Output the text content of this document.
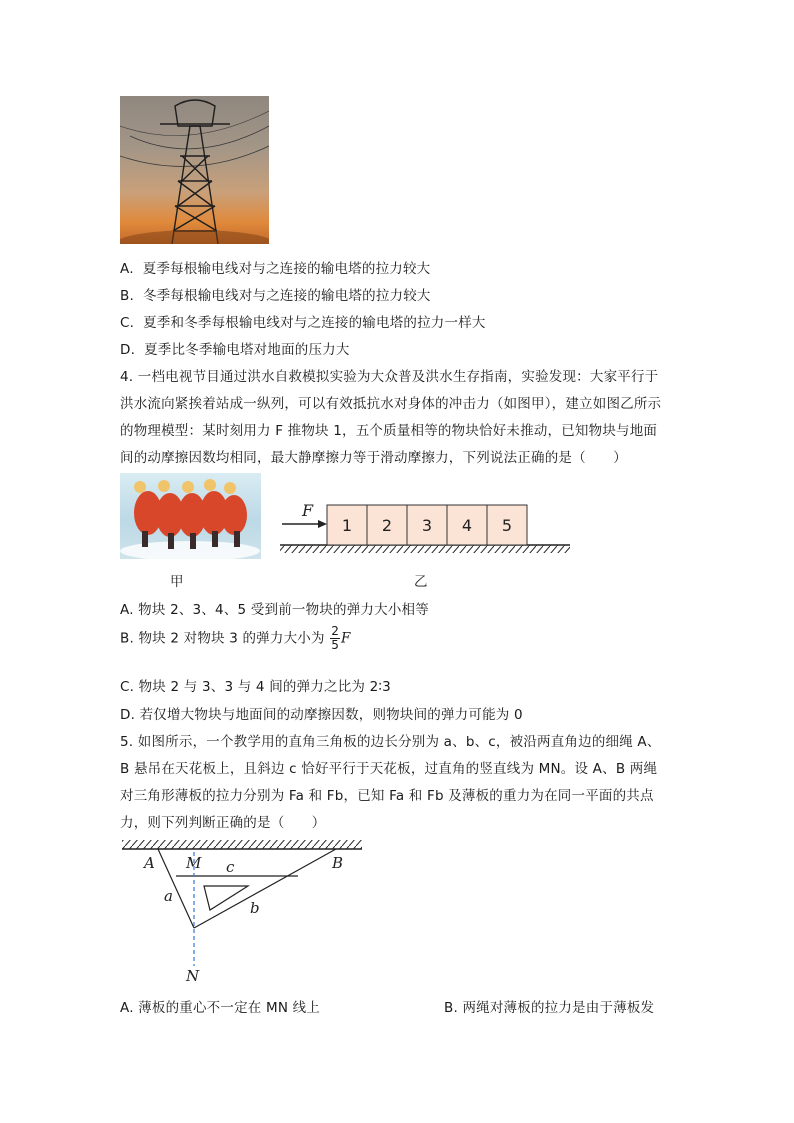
A. 夏季每根输电线对与之连接的输电塔的拉力较大
B. 冬季每根输电线对与之连接的输电塔的拉力较大
C. 夏季和冬季每根输电线对与之连接的输电塔的拉力一样大
D. 夏季比冬季输电塔对地面的压力大
4. 一档电视节目通过洪水自救模拟实验为大众普及洪水生存指南，实验发现：大家平行于
洪水流向紧挨着站成一纵列，可以有效抵抗水对身体的冲击力（如图甲），建立如图乙所示
的物理模型：某时刻用力 F 推物块 1，五个质量相等的物块恰好未推动，已知物块与地面
间的动摩擦因数均相同，最大静摩擦力等于滑动摩擦力，下列说法正确的是（　　）
甲
F
1 2 3 4 5
乙
A. 物块 2、3、4、5 受到前一物块的弹力大小相等
B. 物块 2 对物块 3 的弹力大小为 $\frac{2}{5}$ F
C. 物块 2 与 3、3 与 4 间的弹力之比为 2∶3
D. 若仅增大物块与地面间的动摩擦因数，则物块间的弹力可能为 0
5. 如图所示，一个教学用的直角三角板的边长分别为 a、b、c，被沿两直角边的细绳 A、
B 悬吊在天花板上，且斜边 c 恰好平行于天花板，过直角的竖直线为 MN。设 A、B 两绳
对三角形薄板的拉力分别为 Fa 和 Fb，已知 Fa 和 Fb 及薄板的重力为在同一平面的共点
力，则下列判断正确的是（　　）
A M	B
c
a
b
N
A. 薄板的重心不一定在 MN 线上	B. 两绳对薄板的拉力是由于薄板发
